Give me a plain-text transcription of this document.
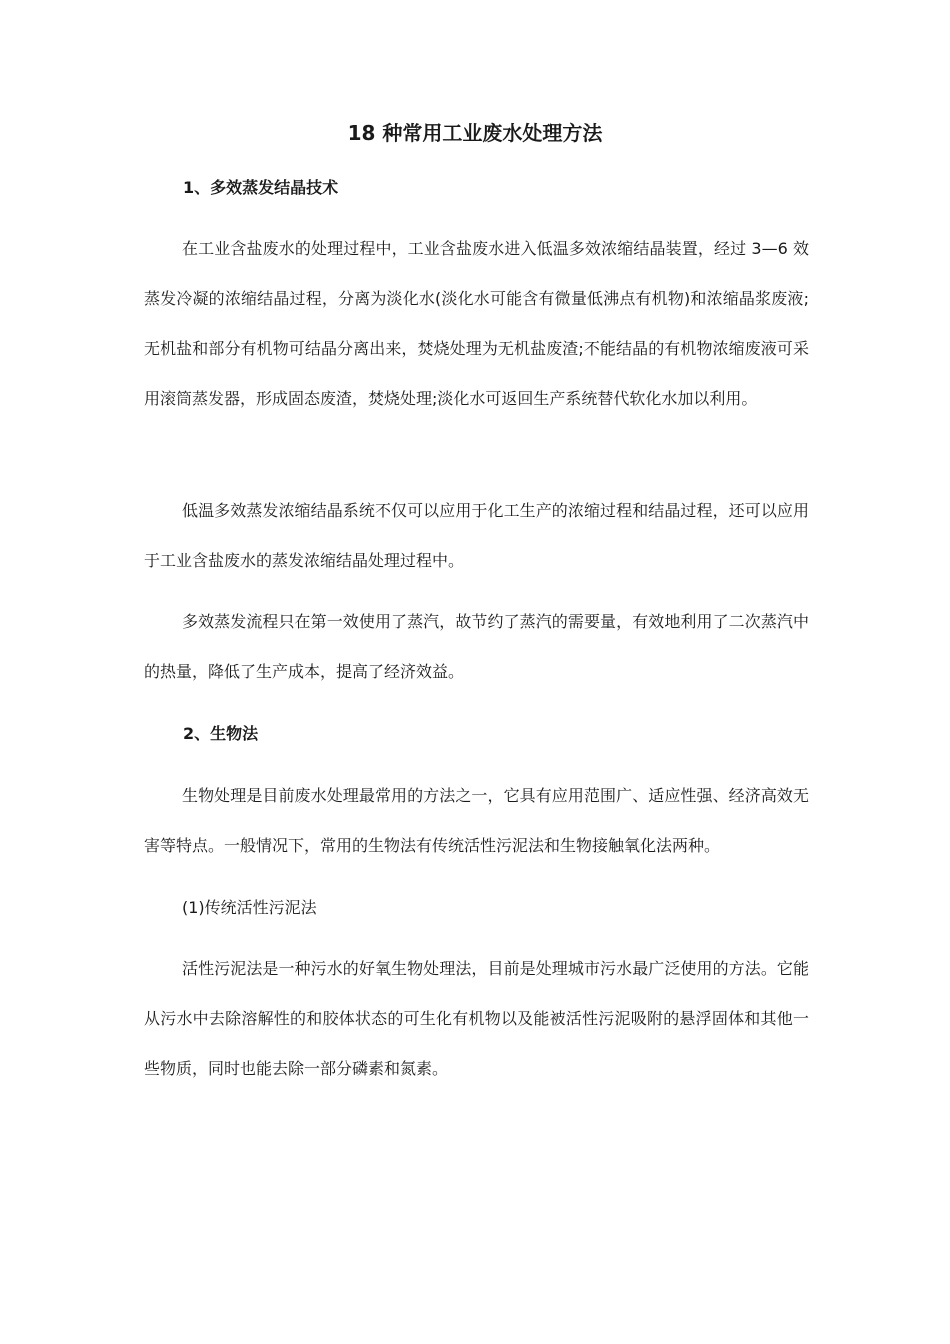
18 种常用工业废水处理方法
1、多效蒸发结晶技术

在工业含盐废水的处理过程中，工业含盐废水进入低温多效浓缩结晶装置，经过 3—6 效蒸发冷凝的浓缩结晶过程，分离为淡化水(淡化水可能含有微量低沸点有机物)和浓缩晶浆废液;无机盐和部分有机物可结晶分离出来，焚烧处理为无机盐废渣;不能结晶的有机物浓缩废液可采用滚筒蒸发器，形成固态废渣，焚烧处理;淡化水可返回生产系统替代软化水加以利用。

低温多效蒸发浓缩结晶系统不仅可以应用于化工生产的浓缩过程和结晶过程，还可以应用于工业含盐废水的蒸发浓缩结晶处理过程中。

多效蒸发流程只在第一效使用了蒸汽，故节约了蒸汽的需要量，有效地利用了二次蒸汽中的热量，降低了生产成本，提高了经济效益。

2、生物法

生物处理是目前废水处理最常用的方法之一，它具有应用范围广、适应性强、经济高效无害等特点。一般情况下，常用的生物法有传统活性污泥法和生物接触氧化法两种。

(1)传统活性污泥法

活性污泥法是一种污水的好氧生物处理法，目前是处理城市污水最广泛使用的方法。它能从污水中去除溶解性的和胶体状态的可生化有机物以及能被活性污泥吸附的悬浮固体和其他一些物质，同时也能去除一部分磷素和氮素。
